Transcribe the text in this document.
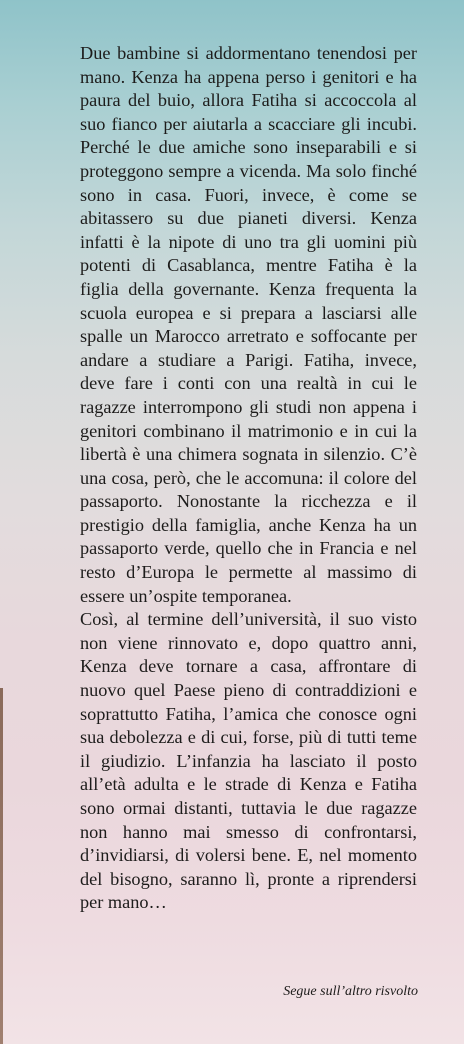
Due bambine si addormentano tenendosi per mano. Kenza ha appena perso i genitori e ha paura del buio, allora Fatiha si accoccola al suo fianco per aiutarla a scacciare gli incubi. Perché le due amiche sono inseparabili e si proteggono sempre a vicenda. Ma solo finché sono in casa. Fuori, invece, è come se abitassero su due pianeti diversi. Kenza infatti è la nipote di uno tra gli uomini più potenti di Casablanca, mentre Fatiha è la figlia della governante. Kenza frequenta la scuola europea e si prepara a lasciarsi alle spalle un Marocco arretrato e soffocante per andare a studiare a Parigi. Fatiha, invece, deve fare i conti con una realtà in cui le ragazze interrompono gli studi non appena i genitori combinano il matrimonio e in cui la libertà è una chimera sognata in silenzio. C’è una cosa, però, che le accomuna: il colore del passaporto. Nonostante la ricchezza e il prestigio della famiglia, anche Kenza ha un passaporto verde, quello che in Francia e nel resto d’Europa le permette al massimo di essere un’ospite temporanea.

Così, al termine dell’università, il suo visto non viene rinnovato e, dopo quattro anni, Kenza deve tornare a casa, affrontare di nuovo quel Paese pieno di contraddizioni e soprattutto Fatiha, l’amica che conosce ogni sua debolezza e di cui, forse, più di tutti teme il giudizio. L’infanzia ha lasciato il posto all’età adulta e le strade di Kenza e Fatiha sono ormai distanti, tuttavia le due ragazze non hanno mai smesso di confrontarsi, d’invidiarsi, di volersi bene. E, nel momento del bisogno, saranno lì, pronte a riprendersi per mano…

Segue sull’altro risvolto
